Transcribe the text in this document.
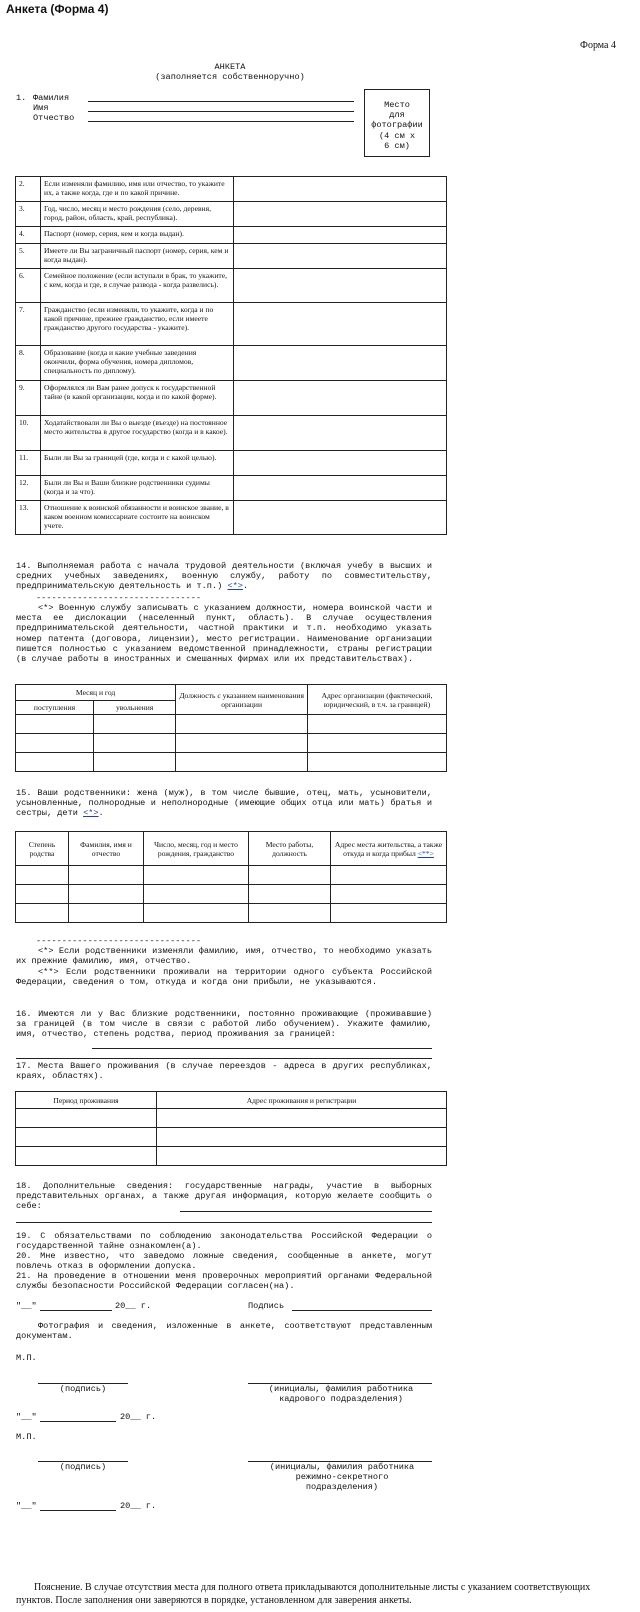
Анкета (Форма 4)
Форма 4
АНКЕТА
(заполняется собственноручно)
1. Фамилия
Имя
Отчество
Место
для
фотографии
(4 см х
6 см)
2.	Если изменяли фамилию, имя или отчество, то укажите их, а также когда, где и по какой причине.	
3.	Год, число, месяц и место рождения (село, деревня, город, район, область, край, республика).	
4.	Паспорт (номер, серия, кем и когда выдан).	
5.	Имеете ли Вы заграничный паспорт (номер, серия, кем и когда выдан).	
6.	Семейное положение (если вступали в брак, то укажите, с кем, когда и где, в случае развода - когда развелись).	
7.	Гражданство (если изменяли, то укажите, когда и по какой причине, прежнее гражданство, если имеете гражданство другого государства - укажите).	
8.	Образование (когда и какие учебные заведения окончили, форма обучения, номера дипломов, специальность по диплому).	
9.	Оформлялся ли Вам ранее допуск к государственной тайне (в какой организации, когда и по какой форме).	
10.	Ходатайствовали ли Вы о выезде (въезде) на постоянное место жительства в другое государство (когда и в какое).	
11.	Были ли Вы за границей (где, когда и с какой целью).	
12.	Были ли Вы и Ваши близкие родственники судимы (когда и за что).	
13.	Отношение к воинской обязанности и воинское звание, в каком военном комиссариате состоите на воинском учете.	
14. Выполняемая работа с начала трудовой деятельности (включая учебу в высших и средних учебных заведениях, военную службу, работу по совместительству, предпринимательскую деятельность и т.п.) <*>.
--------------------------------
<*> Военную службу записывать с указанием должности, номера воинской части и места ее дислокации (населенный пункт, область). В случае осуществления предпринимательской деятельности, частной практики и т.п. необходимо указать номер патента (договора, лицензии), место регистрации. Наименование организации пишется полностью с указанием ведомственной принадлежности, страны регистрации (в случае работы в иностранных и смешанных фирмах или их представительствах).
Месяц и год		Должность с указанием наименования организации	Адрес организации (фактический, юридический, в т.ч. за границей)
поступления	увольнения		

15. Ваши родственники: жена (муж), в том числе бывшие, отец, мать, усыновители, усыновленные, полнородные и неполнородные (имеющие общих отца или мать) братья и сестры, дети <*>.
Степень родства	Фамилия, имя и отчество	Число, месяц, год и место рождения, гражданство	Место работы, должность	Адрес места жительства, а также откуда и когда прибыл <**>

--------------------------------
<*> Если родственники изменяли фамилию, имя, отчество, то необходимо указать их прежние фамилию, имя, отчество.
<**> Если родственники проживали на территории одного субъекта Российской Федерации, сведения о том, откуда и когда они прибыли, не указываются.
16. Имеются ли у Вас близкие родственники, постоянно проживающие (проживавшие) за границей (в том числе в связи с работой либо обучением). Укажите фамилию, имя, отчество, степень родства, период проживания за границей:
17. Места Вашего проживания (в случае переездов - адреса в других республиках, краях, областях).
Период проживания	Адрес проживания и регистрации

18. Дополнительные сведения: государственные награды, участие в выборных представительных органах, а также другая информация, которую желаете сообщить о себе:
19. С обязательствами по соблюдению законодательства Российской Федерации о государственной тайне ознакомлен(а).
20. Мне известно, что заведомо ложные сведения, сообщенные в анкете, могут повлечь отказ в оформлении допуска.
21. На проведение в отношении меня проверочных мероприятий органами Федеральной службы безопасности Российской Федерации согласен(на).
"__"	20__ г.	Подпись
Фотография и сведения, изложенные в анкете, соответствуют представленным документам.
М.П.
(подпись)	(инициалы, фамилия работника кадрового подразделения)
"__"	20__ г.
М.П.
(подпись)	(инициалы, фамилия работника режимно-секретного подразделения)
"__"	20__ г.
Пояснение. В случае отсутствия места для полного ответа прикладываются дополнительные листы с указанием соответствующих пунктов. После заполнения они заверяются в порядке, установленном для заверения анкеты.
